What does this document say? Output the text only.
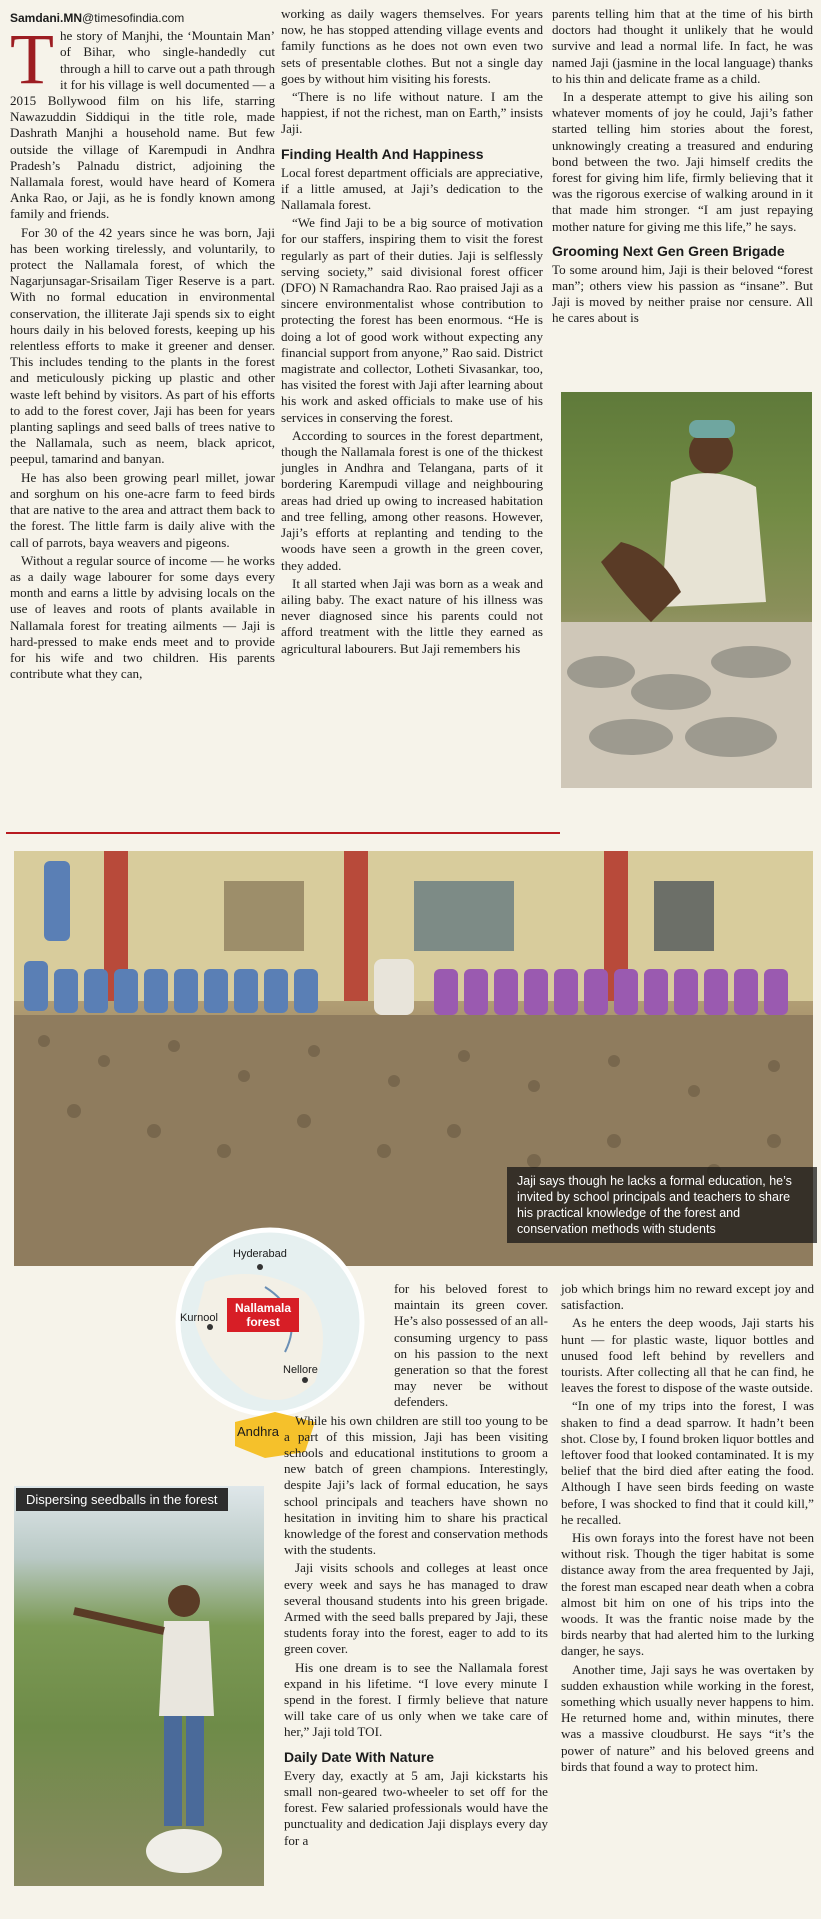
Samdani.MN@timesofindia.com

The story of Manjhi, the ‘Mountain Man’ of Bihar, who single-handedly cut through a hill to carve out a path through it for his village is well documented — a 2015 Bollywood film on his life, starring Nawazuddin Siddiqui in the title role, made Dashrath Manjhi a household name. But few outside the village of Karempudi in Andhra Pradesh’s Palnadu district, adjoining the Nallamala forest, would have heard of Komera Anka Rao, or Jaji, as he is fondly known among family and friends.

For 30 of the 42 years since he was born, Jaji has been working tirelessly, and voluntarily, to protect the Nallamala forest, of which the Nagarjunsagar-Srisailam Tiger Reserve is a part. With no formal education in environmental conservation, the illiterate Jaji spends six to eight hours daily in his beloved forests, keeping up his relentless efforts to make it greener and denser. This includes tending to the plants in the forest and meticulously picking up plastic and other waste left behind by visitors. As part of his efforts to add to the forest cover, Jaji has been for years planting saplings and seed balls of trees native to the Nallamala, such as neem, black apricot, peepul, tamarind and banyan.

He has also been growing pearl millet, jowar and sorghum on his one-acre farm to feed birds that are native to the area and attract them back to the forest. The little farm is daily alive with the call of parrots, baya weavers and pigeons.

Without a regular source of income — he works as a daily wage labourer for some days every month and earns a little by advising locals on the use of leaves and roots of plants available in Nallamala forest for treating ailments — Jaji is hard-pressed to make ends meet and to provide for his wife and two children. His parents contribute what they can,

working as daily wagers themselves. For years now, he has stopped attending village events and family functions as he does not own even two sets of presentable clothes. But not a single day goes by without him visiting his forests.

“There is no life without nature. I am the happiest, if not the richest, man on Earth,” insists Jaji.

Finding Health And Happiness

Local forest department officials are appreciative, if a little amused, at Jaji’s dedication to the Nallamala forest.

“We find Jaji to be a big source of motivation for our staffers, inspiring them to visit the forest regularly as part of their duties. Jaji is selflessly serving society,” said divisional forest officer (DFO) N Ramachandra Rao. Rao praised Jaji as a sincere environmentalist whose contribution to protecting the forest has been enormous. “He is doing a lot of good work without expecting any financial support from anyone,” Rao said. District magistrate and collector, Lotheti Sivasankar, too, has visited the forest with Jaji after learning about his work and asked officials to make use of his services in conserving the forest.

According to sources in the forest department, though the Nallamala forest is one of the thickest jungles in Andhra and Telangana, parts of it bordering Karempudi village and neighbouring areas had dried up owing to increased habitation and tree felling, among other reasons. However, Jaji’s efforts at replanting and tending to the woods have seen a growth in the green cover, they added.

It all started when Jaji was born as a weak and ailing baby. The exact nature of his illness was never diagnosed since his parents could not afford treatment with the little they earned as agricultural labourers. But Jaji remembers his

parents telling him that at the time of his birth doctors had thought it unlikely that he would survive and lead a normal life. In fact, he was named Jaji (jasmine in the local language) thanks to his thin and delicate frame as a child.

In a desperate attempt to give his ailing son whatever moments of joy he could, Jaji’s father started telling him stories about the forest, unknowingly creating a treasured and enduring bond between the two. Jaji himself credits the forest for giving him life, firmly believing that it was the rigorous exercise of walking around in it that made him stronger. “I am just repaying mother nature for giving me this life,” he says.

Grooming Next Gen Green Brigade

To some around him, Jaji is their beloved “forest man”; others view his passion as “insane”. But Jaji is moved by neither praise nor censure. All he cares about is

Jaji says though he lacks a formal education, he’s invited by school principals and teachers to share his practical knowledge of the forest and conservation methods with students
Hyderabad
Kurnool
Nellore
Nallamala
forest
Andhra
Dispersing seedballs in the forest

for his beloved forest to maintain its green cover. He’s also possessed of an all-consuming urgency to pass on his passion to the next generation so that the forest may never be without defenders.

While his own children are still too young to be a part of this mission, Jaji has been visiting schools and educational institutions to groom a new batch of green champions. Interestingly, despite Jaji’s lack of formal education, he says school principals and teachers have shown no hesitation in inviting him to share his practical knowledge of the forest and conservation methods with the students.

Jaji visits schools and colleges at least once every week and says he has managed to draw several thousand students into his green brigade. Armed with the seed balls prepared by Jaji, these students foray into the forest, eager to add to its green cover.

His one dream is to see the Nallamala forest expand in his lifetime. “I love every minute I spend in the forest. I firmly believe that nature will take care of us only when we take care of her,” Jaji told TOI.

Daily Date With Nature

Every day, exactly at 5 am, Jaji kickstarts his small non-geared two-wheeler to set off for the forest. Few salaried professionals would have the punctuality and dedication Jaji displays every day for a

job which brings him no reward except joy and satisfaction.

As he enters the deep woods, Jaji starts his hunt — for plastic waste, liquor bottles and unused food left behind by revellers and tourists. After collecting all that he can find, he leaves the forest to dispose of the waste outside.

“In one of my trips into the forest, I was shaken to find a dead sparrow. It hadn’t been shot. Close by, I found broken liquor bottles and leftover food that looked contaminated. It is my belief that the bird died after eating the food. Although I have seen birds feeding on waste before, I was shocked to find that it could kill,” he recalled.

His own forays into the forest have not been without risk. Though the tiger habitat is some distance away from the area frequented by Jaji, the forest man escaped near death when a cobra almost bit him on one of his trips into the woods. It was the frantic noise made by the birds nearby that had alerted him to the lurking danger, he says.

Another time, Jaji says he was overtaken by sudden exhaustion while working in the forest, something which usually never happens to him. He returned home and, within minutes, there was a massive cloudburst. He says “it’s the power of nature” and his beloved greens and birds that found a way to protect him.
